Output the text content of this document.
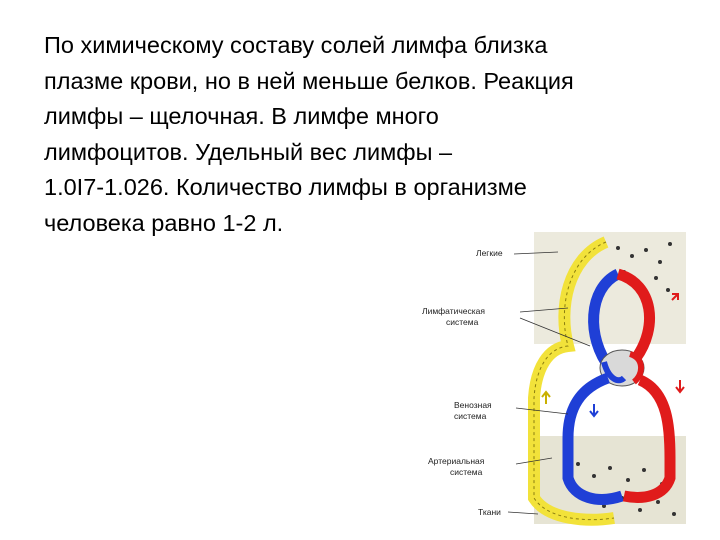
По химическому составу солей лимфа близка
плазме крови, но в ней меньше белков. Реакция
лимфы – щелочная. В лимфе много
лимфоцитов. Удельный вес лимфы –
1.0I7-1.026. Количество лимфы в организме
человека равно 1-2 л.
Легкие
Лимфатическая
система
Венозная
система
Артериальная
система
Ткани
